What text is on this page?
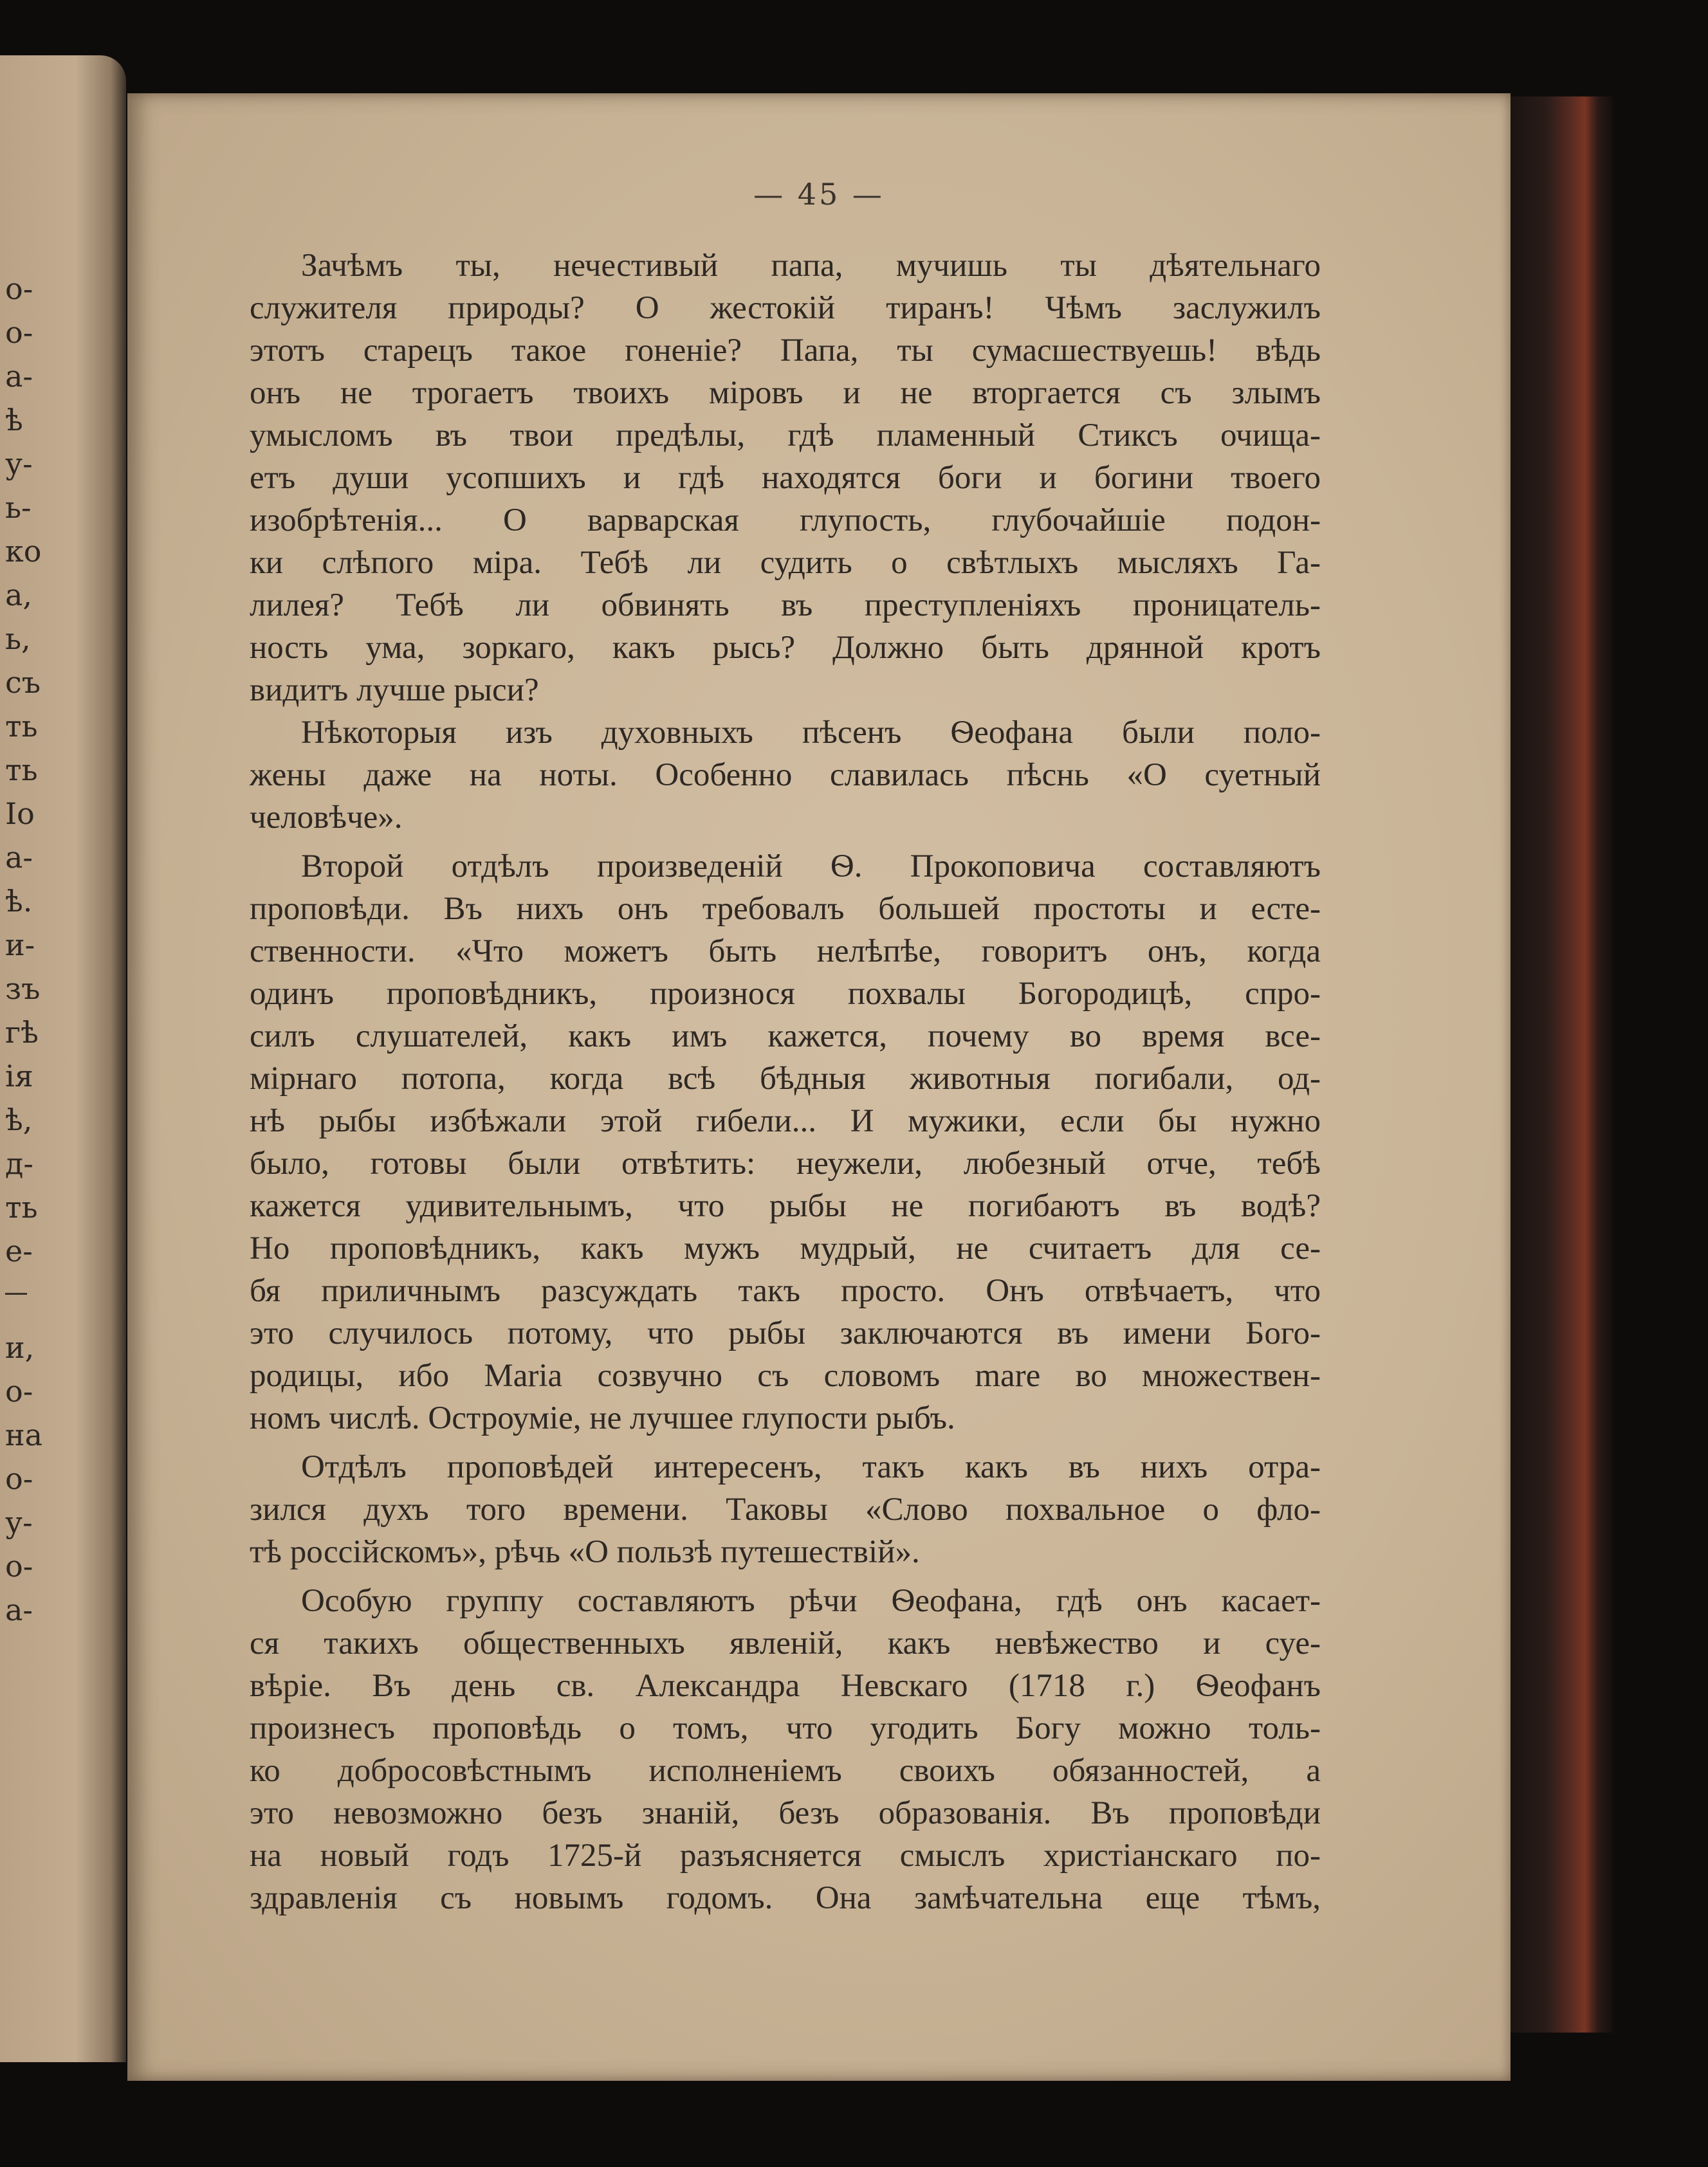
о-
о-
а-
ѣ
у-
ь-
ко
а,
ь,
съ
ть
ть
Іо
а-
ѣ.
и-
зъ
гѣ
ія
ѣ,
д-
ть
е-
и,
о-
на
о-
у-
о-
а-
— 45 —
Зачѣмъ ты, нечестивый папа, мучишь ты дѣятельнаго
служителя природы? О жестокій тиранъ! Чѣмъ заслужилъ
этотъ старецъ такое гоненіе? Папа, ты сумасшествуешь! вѣдь
онъ не трогаетъ твоихъ міровъ и не вторгается съ злымъ
умысломъ въ твои предѣлы, гдѣ пламенный Стиксъ очища-
етъ души усопшихъ и гдѣ находятся боги и богини твоего
изобрѣтенія... О варварская глупость, глубочайшіе подон-
ки слѣпого міра. Тебѣ ли судить о свѣтлыхъ мысляхъ Га-
лилея? Тебѣ ли обвинять въ преступленіяхъ проницатель-
ность ума, зоркаго, какъ рысь? Должно быть дрянной кротъ
видитъ лучше рыси?
Нѣкоторыя изъ духовныхъ пѣсенъ Ѳеофана были поло-
жены даже на ноты. Особенно славилась пѣснь «О суетный
человѣче».
Второй отдѣлъ произведеній Ѳ. Прокоповича составляютъ
проповѣди. Въ нихъ онъ требовалъ большей простоты и есте-
ственности. «Что можетъ быть нелѣпѣе, говоритъ онъ, когда
одинъ проповѣдникъ, произнося похвалы Богородицѣ, спро-
силъ слушателей, какъ имъ кажется, почему во время все-
мірнаго потопа, когда всѣ бѣдныя животныя погибали, од-
нѣ рыбы избѣжали этой гибели... И мужики, если бы нужно
было, готовы были отвѣтить: неужели, любезный отче, тебѣ
кажется удивительнымъ, что рыбы не погибаютъ въ водѣ?
Но проповѣдникъ, какъ мужъ мудрый, не считаетъ для се-
бя приличнымъ разсуждать такъ просто. Онъ отвѣчаетъ, что
это случилось потому, что рыбы заключаются въ имени Бого-
родицы, ибо Maria созвучно съ словомъ mare во множествен-
номъ числѣ. Остроуміе, не лучшее глупости рыбъ.
Отдѣлъ проповѣдей интересенъ, такъ какъ въ нихъ отра-
зился духъ того времени. Таковы «Слово похвальное о фло-
тѣ россійскомъ», рѣчь «О пользѣ путешествій».
Особую группу составляютъ рѣчи Ѳеофана, гдѣ онъ касает-
ся такихъ общественныхъ явленій, какъ невѣжество и суе-
вѣріе. Въ день св. Александра Невскаго (1718 г.) Ѳеофанъ
произнесъ проповѣдь о томъ, что угодить Богу можно толь-
ко добросовѣстнымъ исполненіемъ своихъ обязанностей, а
это невозможно безъ знаній, безъ образованія. Въ проповѣди
на новый годъ 1725-й разъясняется смыслъ христіанскаго по-
здравленія съ новымъ годомъ. Она замѣчательна еще тѣмъ,
